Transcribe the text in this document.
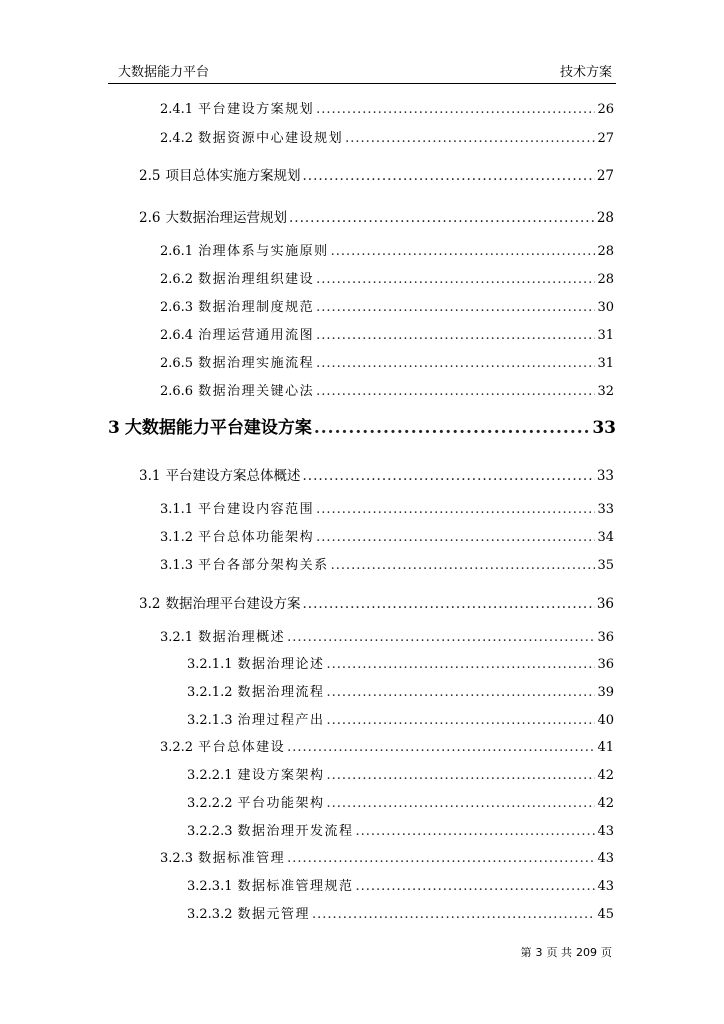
大数据能力平台	技术方案
2.4.1 平台建设方案规划 .....	26
2.4.2 数据资源中心建设规划 .....	27
2.5 项目总体实施方案规划 .....	27
2.6 大数据治理运营规划 .....	28
2.6.1 治理体系与实施原则 .....	28
2.6.2 数据治理组织建设 .....	28
2.6.3 数据治理制度规范 .....	30
2.6.4 治理运营通用流图 .....	31
2.6.5 数据治理实施流程 .....	31
2.6.6 数据治理关键心法 .....	32
3 大数据能力平台建设方案 .....	33
3.1 平台建设方案总体概述 .....	33
3.1.1 平台建设内容范围 .....	33
3.1.2 平台总体功能架构 .....	34
3.1.3 平台各部分架构关系 .....	35
3.2 数据治理平台建设方案 .....	36
3.2.1 数据治理概述 .....	36
3.2.1.1 数据治理论述 .....	36
3.2.1.2 数据治理流程 .....	39
3.2.1.3 治理过程产出 .....	40
3.2.2 平台总体建设 .....	41
3.2.2.1 建设方案架构 .....	42
3.2.2.2 平台功能架构 .....	42
3.2.2.3 数据治理开发流程 .....	43
3.2.3 数据标准管理 .....	43
3.2.3.1 数据标准管理规范 .....	43
3.2.3.2 数据元管理 .....	45
第 3 页 共 209 页
